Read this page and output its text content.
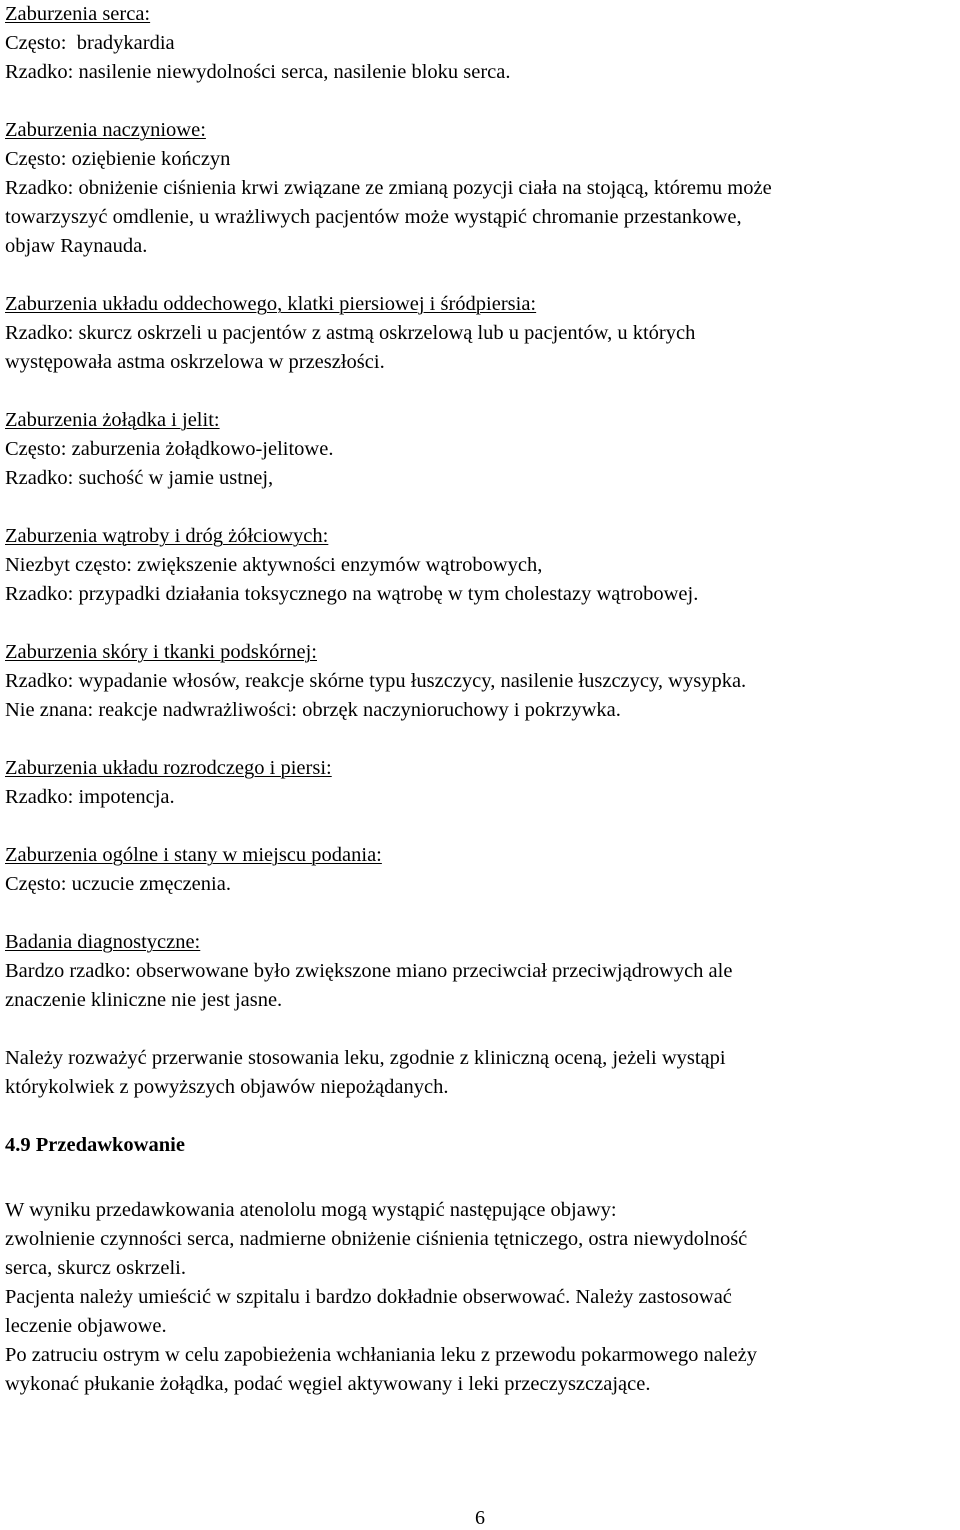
Zaburzenia serca:
Często:  bradykardia
Rzadko: nasilenie niewydolności serca, nasilenie bloku serca.
Zaburzenia naczyniowe:
Często: oziębienie kończyn
Rzadko: obniżenie ciśnienia krwi związane ze zmianą pozycji ciała na stojącą, któremu może
towarzyszyć omdlenie, u wrażliwych pacjentów może wystąpić chromanie przestankowe,
objaw Raynauda.
Zaburzenia układu oddechowego, klatki piersiowej i śródpiersia:
Rzadko: skurcz oskrzeli u pacjentów z astmą oskrzelową lub u pacjentów, u których
występowała astma oskrzelowa w przeszłości.
Zaburzenia żołądka i jelit:
Często: zaburzenia żołądkowo-jelitowe.
Rzadko: suchość w jamie ustnej,
Zaburzenia wątroby i dróg żółciowych:
Niezbyt często: zwiększenie aktywności enzymów wątrobowych,
Rzadko: przypadki działania toksycznego na wątrobę w tym cholestazy wątrobowej.
Zaburzenia skóry i tkanki podskórnej:
Rzadko: wypadanie włosów, reakcje skórne typu łuszczycy, nasilenie łuszczycy, wysypka.
Nie znana: reakcje nadwrażliwości: obrzęk naczynioruchowy i pokrzywka.
Zaburzenia układu rozrodczego i piersi:
Rzadko: impotencja.
Zaburzenia ogólne i stany w miejscu podania:
Często: uczucie zmęczenia.
Badania diagnostyczne:
Bardzo rzadko: obserwowane było zwiększone miano przeciwciał przeciwjądrowych ale
znaczenie kliniczne nie jest jasne.
Należy rozważyć przerwanie stosowania leku, zgodnie z kliniczną oceną, jeżeli wystąpi
którykolwiek z powyższych objawów niepożądanych.
4.9 Przedawkowanie
W wyniku przedawkowania atenololu mogą wystąpić następujące objawy:
zwolnienie czynności serca, nadmierne obniżenie ciśnienia tętniczego, ostra niewydolność
serca, skurcz oskrzeli.
Pacjenta należy umieścić w szpitalu i bardzo dokładnie obserwować. Należy zastosować
leczenie objawowe.
Po zatruciu ostrym w celu zapobieżenia wchłaniania leku z przewodu pokarmowego należy
wykonać płukanie żołądka, podać węgiel aktywowany i leki przeczyszczające.
6
